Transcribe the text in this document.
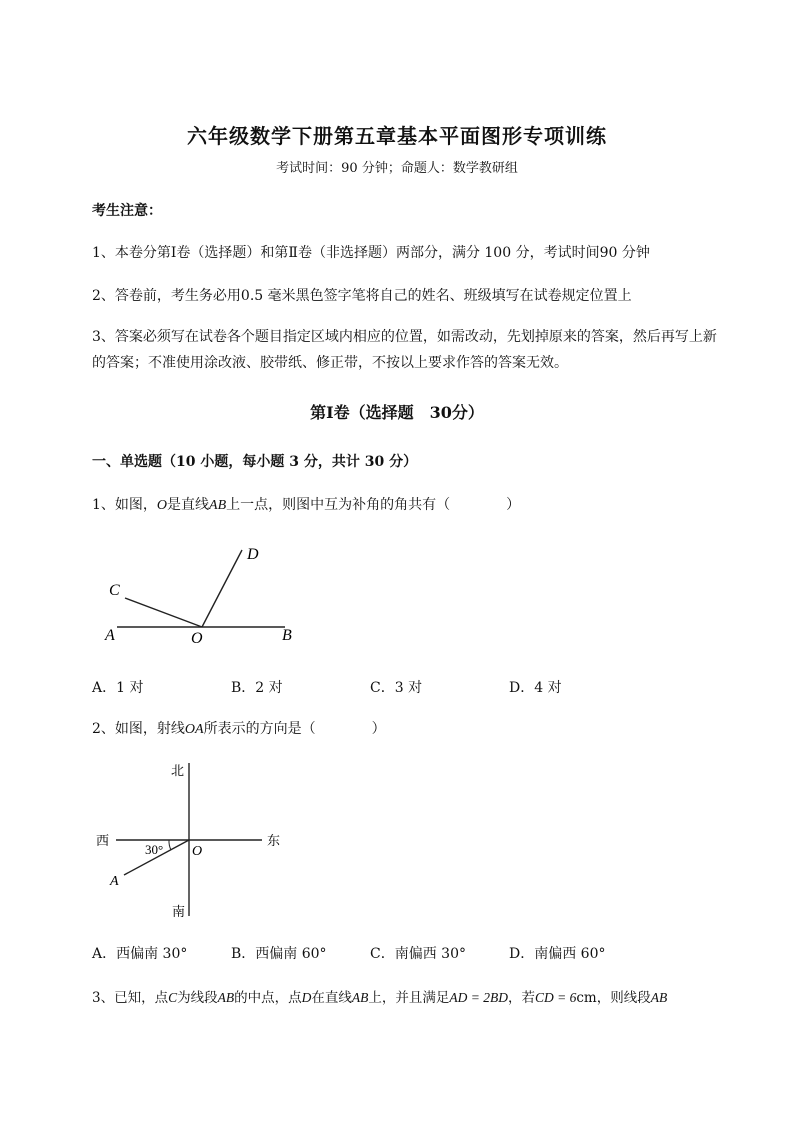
六年级数学下册第五章基本平面图形专项训练
考试时间：90 分钟；命题人：数学教研组
考生注意：
1、本卷分第Ⅰ卷（选择题）和第Ⅱ卷（非选择题）两部分，满分 100 分，考试时间90 分钟
2、答卷前，考生务必用0.5 毫米黑色签字笔将自己的姓名、班级填写在试卷规定位置上
3、答案必须写在试卷各个题目指定区域内相应的位置，如需改动，先划掉原来的答案，然后再写上新
的答案；不准使用涂改液、胶带纸、修正带，不按以上要求作答的答案无效。
第Ⅰ卷（选择题　30分）
一、单选题（10 小题，每小题 3 分，共计 30 分）
1、如图，O是直线AB上一点，则图中互为补角的角共有（　　　　）
A	B
C
D
O
A．1 对	B．2 对	C．3 对	D．4 对
2、如图，射线OA所表示的方向是（　　　　）
北
南
西	东
30° O
A
A．西偏南 30°	B．西偏南 60°	C．南偏西 30°	D．南偏西 60°
3、已知，点C为线段AB的中点，点D在直线AB上，并且满足AD = 2BD，若CD = 6cm，则线段AB
